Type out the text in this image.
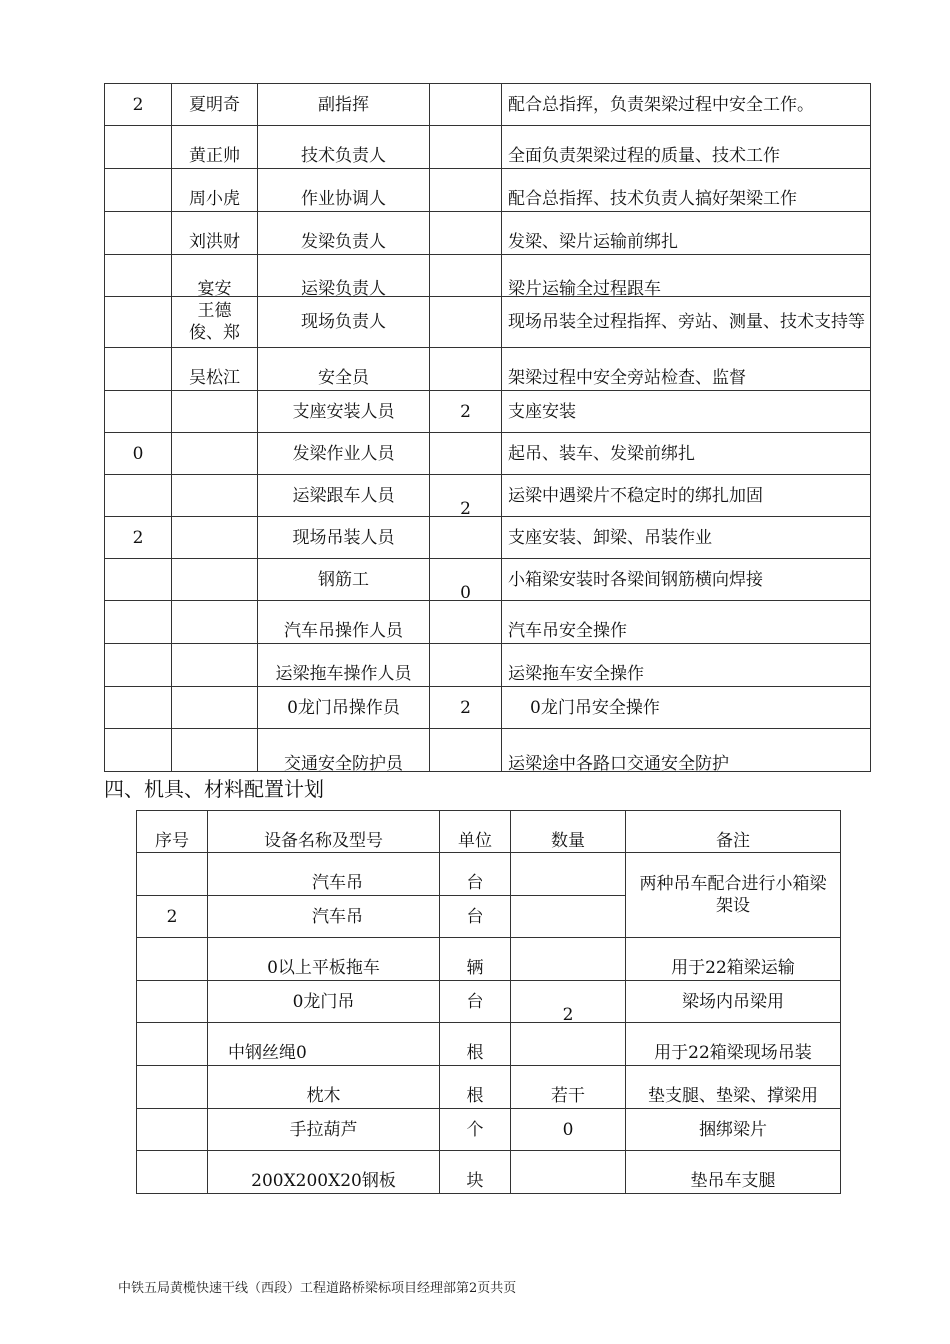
2	夏明奇	副指挥		配合总指挥，负责架梁过程中安全工作。
	黄正帅	技术负责人		全面负责架梁过程的质量、技术工作
	周小虎	作业协调人		配合总指挥、技术负责人搞好架梁工作
	刘洪财	发梁负责人		发梁、梁片运输前绑扎
	宴安	运梁负责人		梁片运输全过程跟车
	王德俊、郑	现场负责人		现场吊装全过程指挥、旁站、测量、技术支持等
	吴松江	安全员		架梁过程中安全旁站检查、监督
		支座安装人员	2	支座安装
0		发梁作业人员		起吊、装车、发梁前绑扎
		运梁跟车人员	2	运梁中遇梁片不稳定时的绑扎加固
2		现场吊装人员		支座安装、卸梁、吊装作业
		钢筋工	0	小箱梁安装时各梁间钢筋横向焊接
		汽车吊操作人员		汽车吊安全操作
		运梁拖车操作人员		运梁拖车安全操作
		0龙门吊操作员	2	0龙门吊安全操作
		交通安全防护员		运梁途中各路口交通安全防护
四、机具、材料配置计划
序号	设备名称及型号	单位	数量	备注
	汽车吊	台		两种吊车配合进行小箱梁架设
2	汽车吊	台		
	0以上平板拖车	辆		用于22箱梁运输
	0龙门吊	台	2	梁场内吊梁用
	中钢丝绳0	根		用于22箱梁现场吊装
	枕木	根	若干	垫支腿、垫梁、撑梁用
	手拉葫芦	个	0	捆绑梁片
	200X200X20钢板	块		垫吊车支腿
中铁五局黄榄快速干线（西段）工程道路桥梁标项目经理部第2页共页
